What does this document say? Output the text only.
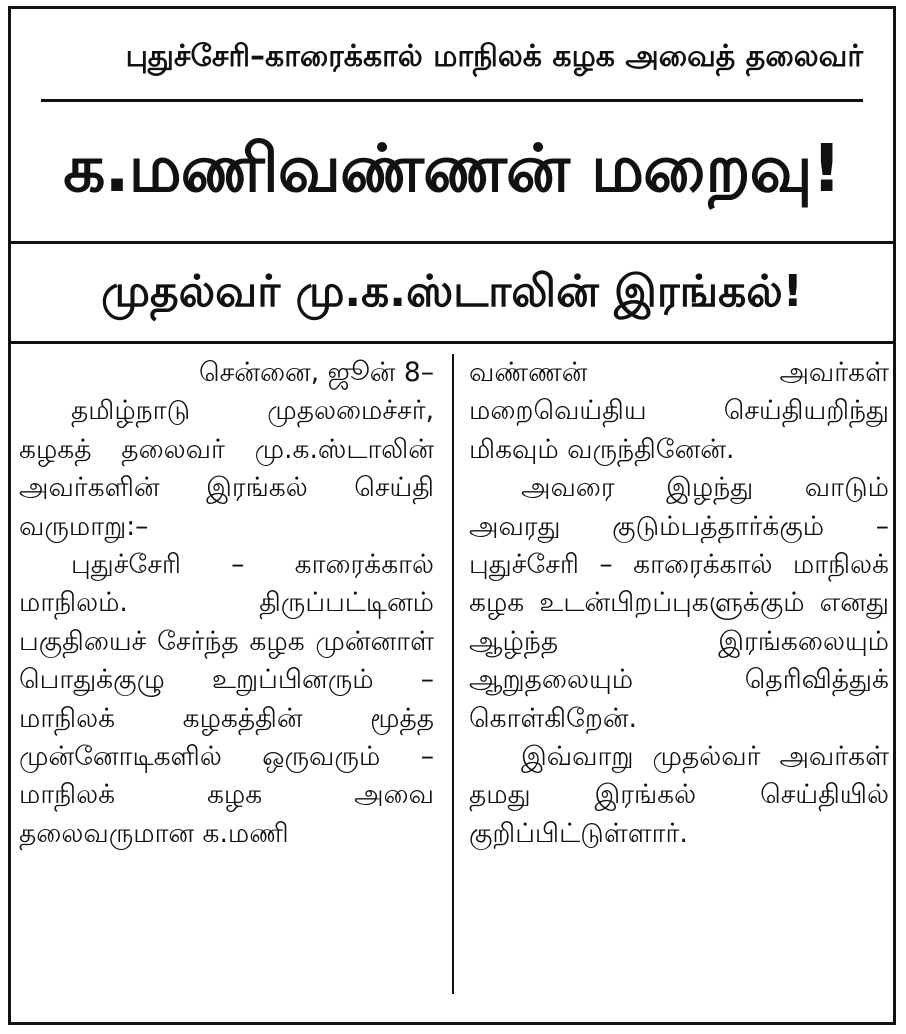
புதுச்சேரி–காரைக்கால் மாநிலக் கழக அவைத் தலைவர்
க.மணிவண்ணன் மறைவு!
முதல்வர் மு.க.ஸ்டாலின் இரங்கல்!

சென்னை, ஜூன் 8–

தமிழ்நாடு முதலமைச்சர், கழகத் தலைவர் மு.க.ஸ்டாலின் அவர்களின் இரங்கல் செய்தி வருமாறு:–

புதுச்சேரி – காரைக்கால் மாநிலம். திருப்பட்டினம் பகுதியைச் சேர்ந்த கழக முன்னாள் பொதுக்குழு உறுப்பினரும் – மாநிலக் கழகத்தின் மூத்த முன்னோடிகளில் ஒருவரும் – மாநிலக் கழக அவை தலைவருமான க.மணி

வண்ணன் அவர்கள் மறைவெய்திய செய்தியறிந்து மிகவும் வருந்தினேன்.

அவரை இழந்து வாடும் அவரது குடும்பத்தார்க்கும் – புதுச்சேரி – காரைக்கால் மாநிலக் கழக உடன்பிறப்புகளுக்கும் எனது ஆழ்ந்த இரங்கலையும் ஆறுதலையும் தெரிவித்துக் கொள்கிறேன்.

இவ்வாறு முதல்வர் அவர்கள் தமது இரங்கல் செய்தியில் குறிப்பிட்டுள்ளார்.
